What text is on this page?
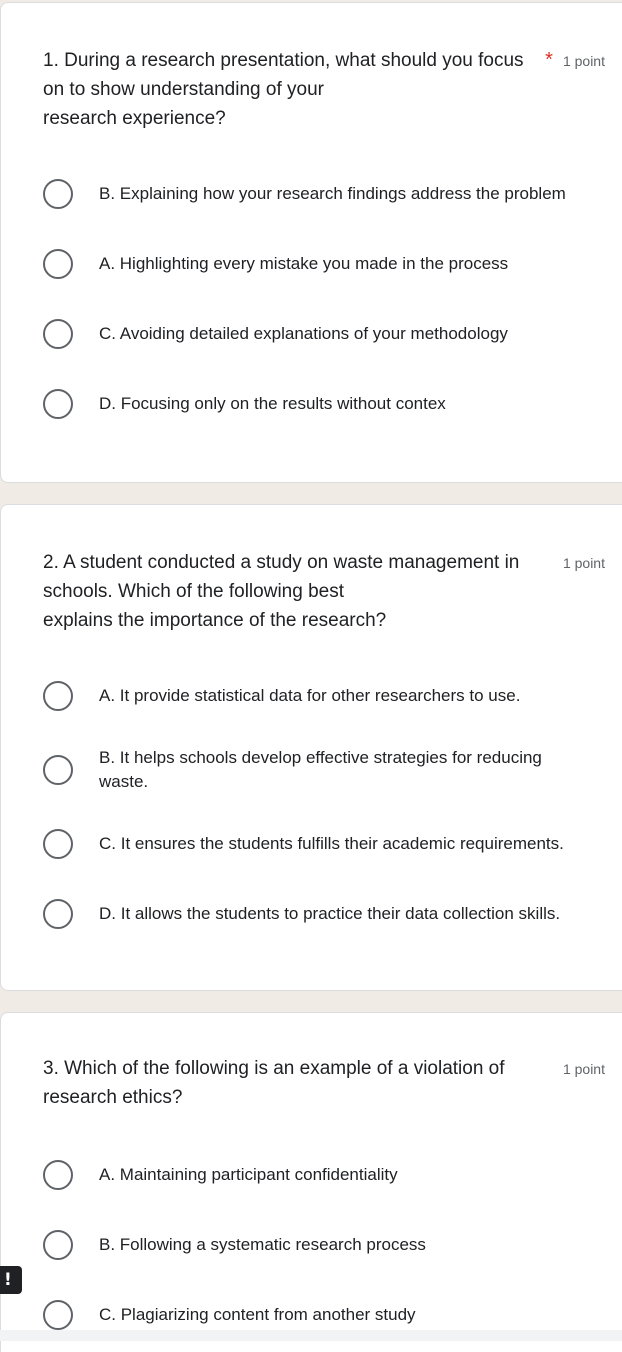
1. During a research presentation, what should you focus
on to show understanding of your
research experience?
* 1 point
B. Explaining how your research findings address the problem
A. Highlighting every mistake you made in the process
C. Avoiding detailed explanations of your methodology
D. Focusing only on the results without contex
2. A student conducted a study on waste management in
schools. Which of the following best
explains the importance of the research?
1 point
A. It provide statistical data for other researchers to use.
B. It helps schools develop effective strategies for reducing waste.
C. It ensures the students fulfills their academic requirements.
D. It allows the students to practice their data collection skills.
3. Which of the following is an example of a violation of
research ethics?
1 point
A. Maintaining participant confidentiality
B. Following a systematic research process
C. Plagiarizing content from another study
!
